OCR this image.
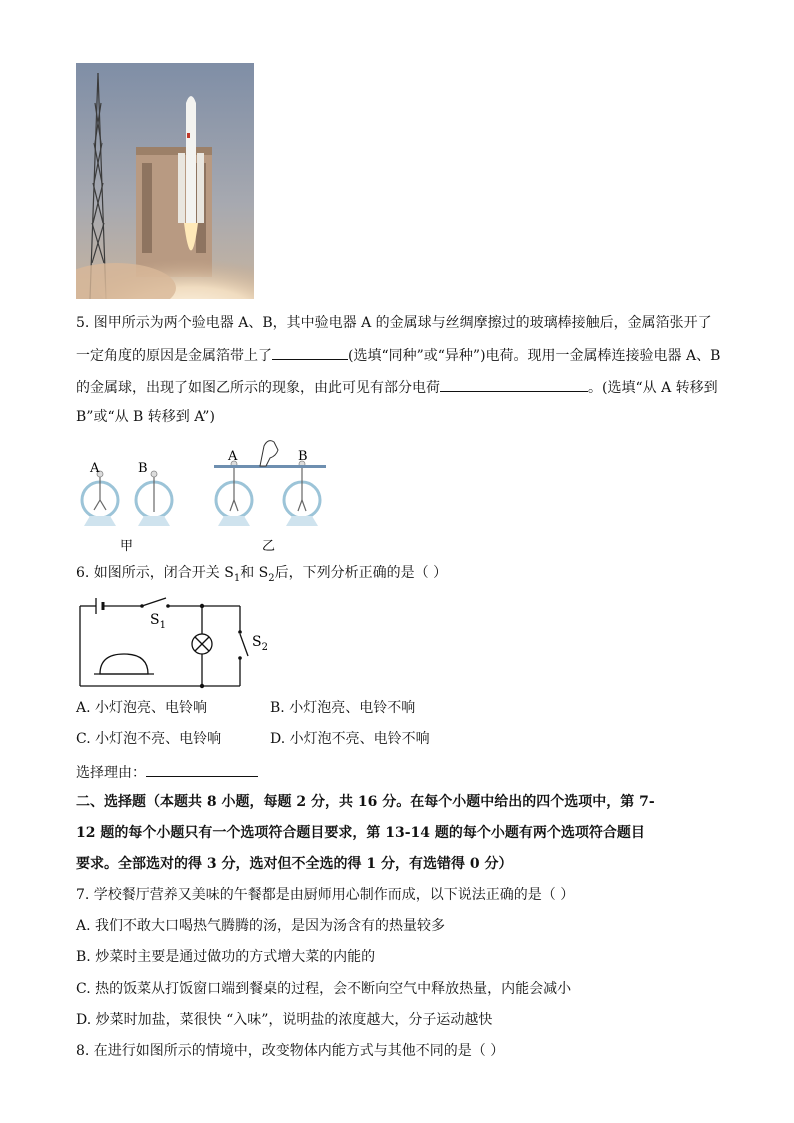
5. 图甲所示为两个验电器 A、B，其中验电器 A 的金属球与丝绸摩擦过的玻璃棒接触后，金属箔张开了
一定角度的原因是金属箔带上了	(选填“同种”或“异种”)电荷。现用一金属棒连接验电器 A、B
的金属球，出现了如图乙所示的现象，由此可见有部分电荷	。(选填“从 A 转移到
B”或“从 B 转移到 A”)
A	B
A	B
甲	乙
6. 如图所示，闭合开关 $S_1$和 $S_2$后，下列分析正确的是（ ）
$S_1$
$S_2$
A. 小灯泡亮、电铃响	B. 小灯泡亮、电铃不响
C. 小灯泡不亮、电铃响	D. 小灯泡不亮、电铃不响
选择理由：
二、选择题（本题共 8 小题，每题 2 分，共 16 分。在每个小题中给出的四个选项中，第 7-
12 题的每个小题只有一个选项符合题目要求，第 13-14 题的每个小题有两个选项符合题目
要求。全部选对的得 3 分，选对但不全选的得 1 分，有选错得 0 分）
7. 学校餐厅营养又美味的午餐都是由厨师用心制作而成，以下说法正确的是（ ）
A. 我们不敢大口喝热气腾腾的汤，是因为汤含有的热量较多
B. 炒菜时主要是通过做功的方式增大菜的内能的
C. 热的饭菜从打饭窗口端到餐桌的过程，会不断向空气中释放热量，内能会减小
D. 炒菜时加盐，菜很快 “入味”，说明盐的浓度越大，分子运动越快
8. 在进行如图所示的情境中，改变物体内能方式与其他不同的是（ ）
